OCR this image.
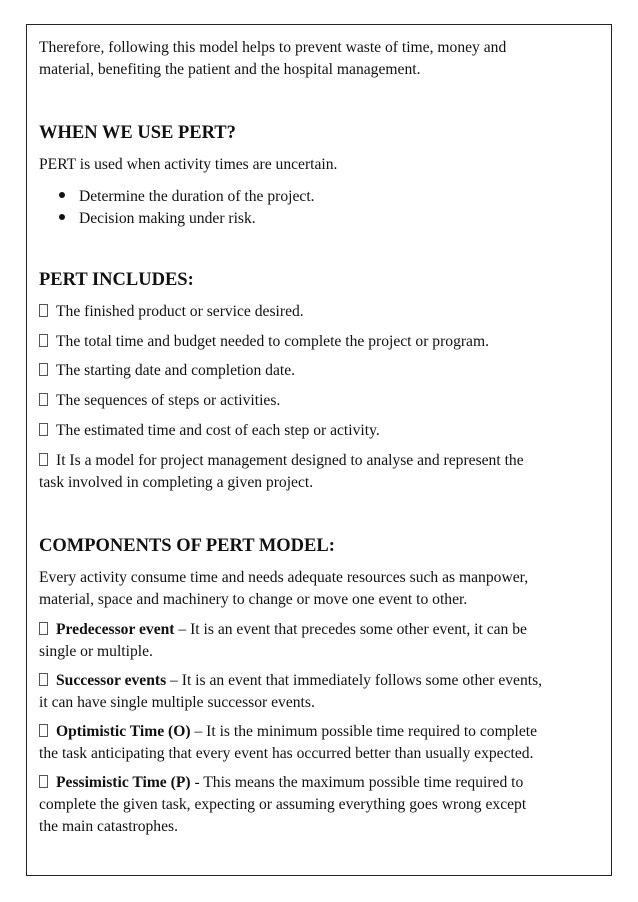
Therefore, following this model helps to prevent waste of time, money and
material, benefiting the patient and the hospital management.
WHEN WE USE PERT?
PERT is used when activity times are uncertain.
Determine the duration of the project.
Decision making under risk.
PERT INCLUDES:
The finished product or service desired.
The total time and budget needed to complete the project or program.
The starting date and completion date.
The sequences of steps or activities.
The estimated time and cost of each step or activity.
It Is a model for project management designed to analyse and represent the
task involved in completing a given project.
COMPONENTS OF PERT MODEL:
Every activity consume time and needs adequate resources such as manpower,
material, space and machinery to change or move one event to other.
Predecessor event – It is an event that precedes some other event, it can be
single or multiple.
Successor events – It is an event that immediately follows some other events,
it can have single multiple successor events.
Optimistic Time (O) – It is the minimum possible time required to complete
the task anticipating that every event has occurred better than usually expected.
Pessimistic Time (P) - This means the maximum possible time required to
complete the given task, expecting or assuming everything goes wrong except
the main catastrophes.
